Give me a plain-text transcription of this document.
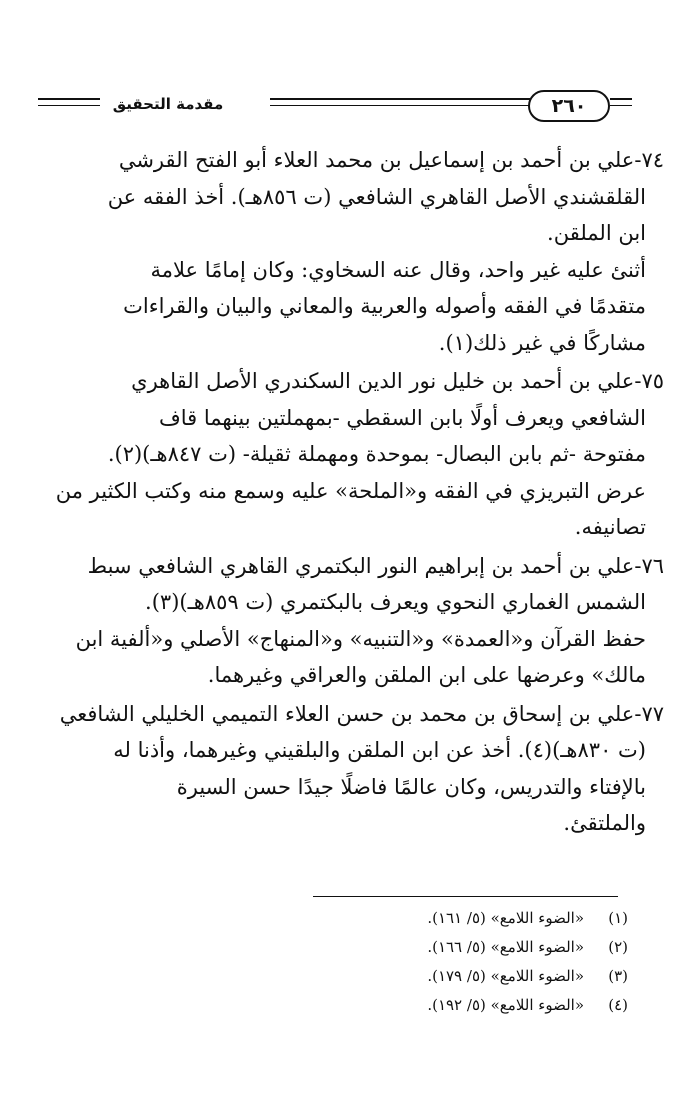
مقدمة التحقيق	٢٦٠
٧٤-علي بن أحمد بن إسماعيل بن محمد العلاء أبو الفتح القرشي
القلقشندي الأصل القاهري الشافعي (ت ٨٥٦هـ). أخذ الفقه عن
ابن الملقن.
أثنئ عليه غير واحد، وقال عنه السخاوي: وكان إمامًا علامة
متقدمًا في الفقه وأصوله والعربية والمعاني والبيان والقراءات
مشاركًا في غير ذلك(١).
٧٥-علي بن أحمد بن خليل نور الدين السكندري الأصل القاهري
الشافعي ويعرف أولًا بابن السقطي -بمهملتين بينهما قاف
مفتوحة -ثم بابن البصال- بموحدة ومهملة ثقيلة- (ت ٨٤٧هـ)(٢).
عرض التبريزي في الفقه و«الملحة» عليه وسمع منه وكتب الكثير من
تصانيفه.
٧٦-علي بن أحمد بن إبراهيم النور البكتمري القاهري الشافعي سبط
الشمس الغماري النحوي ويعرف بالبكتمري (ت ٨٥٩هـ)(٣).
حفظ القرآن و«العمدة» و«التنبيه» و«المنهاج» الأصلي و«ألفية ابن
مالك» وعرضها على ابن الملقن والعراقي وغيرهما.
٧٧-علي بن إسحاق بن محمد بن حسن العلاء التميمي الخليلي الشافعي
(ت ٨٣٠هـ)(٤). أخذ عن ابن الملقن والبلقيني وغيرهما، وأذنا له
بالإفتاء والتدريس، وكان عالمًا فاضلًا جيدًا حسن السيرة
والملتقئ.
(١)«الضوء اللامع» (٥/ ١٦١).
(٢)«الضوء اللامع» (٥/ ١٦٦).
(٣)«الضوء اللامع» (٥/ ١٧٩).
(٤)«الضوء اللامع» (٥/ ١٩٢).
